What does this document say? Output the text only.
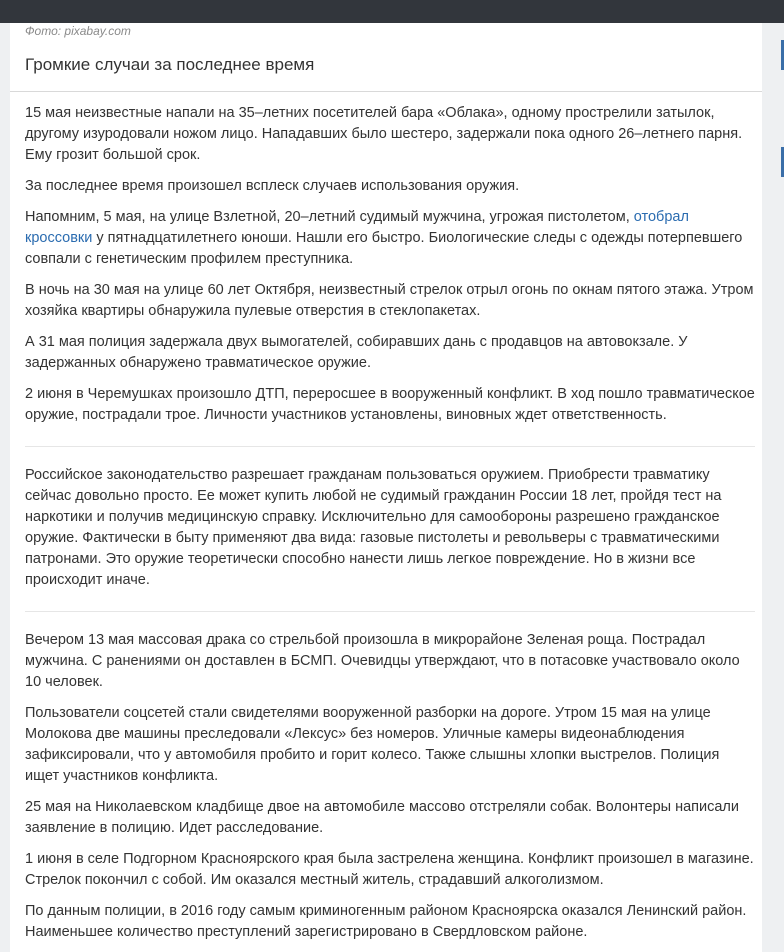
Фото: pixabay.com
Громкие случаи за последнее время

15 мая неизвестные напали на 35–летних посетителей бара «Облака», одному прострелили затылок, другому изуродовали ножом лицо. Нападавших было шестеро, задержали пока одного 26–летнего парня. Ему грозит большой срок.

За последнее время произошел всплеск случаев использования оружия.

Напомним, 5 мая, на улице Взлетной, 20–летний судимый мужчина, угрожая пистолетом, отобрал кроссовки у пятнадцатилетнего юноши. Нашли его быстро. Биологические следы с одежды потерпевшего совпали с генетическим профилем преступника.

В ночь на 30 мая на улице 60 лет Октября, неизвестный стрелок отрыл огонь по окнам пятого этажа. Утром хозяйка квартиры обнаружила пулевые отверстия в стеклопакетах.

А 31 мая полиция задержала двух вымогателей, собиравших дань с продавцов на автовокзале. У задержанных обнаружено травматическое оружие.

2 июня в Черемушках произошло ДТП, переросшее в вооруженный конфликт. В ход пошло травматическое оружие, пострадали трое. Личности участников установлены, виновных ждет ответственность.

Российское законодательство разрешает гражданам пользоваться оружием. Приобрести травматику сейчас довольно просто. Ее может купить любой не судимый гражданин России 18 лет, пройдя тест на наркотики и получив медицинскую справку. Исключительно для самообороны разрешено гражданское оружие. Фактически в быту применяют два вида: газовые пистолеты и револьверы с травматическими патронами. Это оружие теоретически способно нанести лишь легкое повреждение. Но в жизни все происходит иначе.

Вечером 13 мая массовая драка со стрельбой произошла в микрорайоне Зеленая роща. Пострадал мужчина. С ранениями он доставлен в БСМП. Очевидцы утверждают, что в потасовке участвовало около 10 человек.

Пользователи соцсетей стали свидетелями вооруженной разборки на дороге. Утром 15 мая на улице Молокова две машины преследовали «Лексус» без номеров. Уличные камеры видеонаблюдения зафиксировали, что у автомобиля пробито и горит колесо. Также слышны хлопки выстрелов. Полиция ищет участников конфликта.

25 мая на Николаевском кладбище двое на автомобиле массово отстреляли собак. Волонтеры написали заявление в полицию. Идет расследование.

1 июня в селе Подгорном Красноярского края была застрелена женщина. Конфликт произошел в магазине. Стрелок покончил с собой. Им оказался местный житель, страдавший алкоголизмом.

По данным полиции, в 2016 году самым криминогенным районом Красноярска оказался Ленинский район. Наименьшее количество преступлений зарегистрировано в Свердловском районе.
